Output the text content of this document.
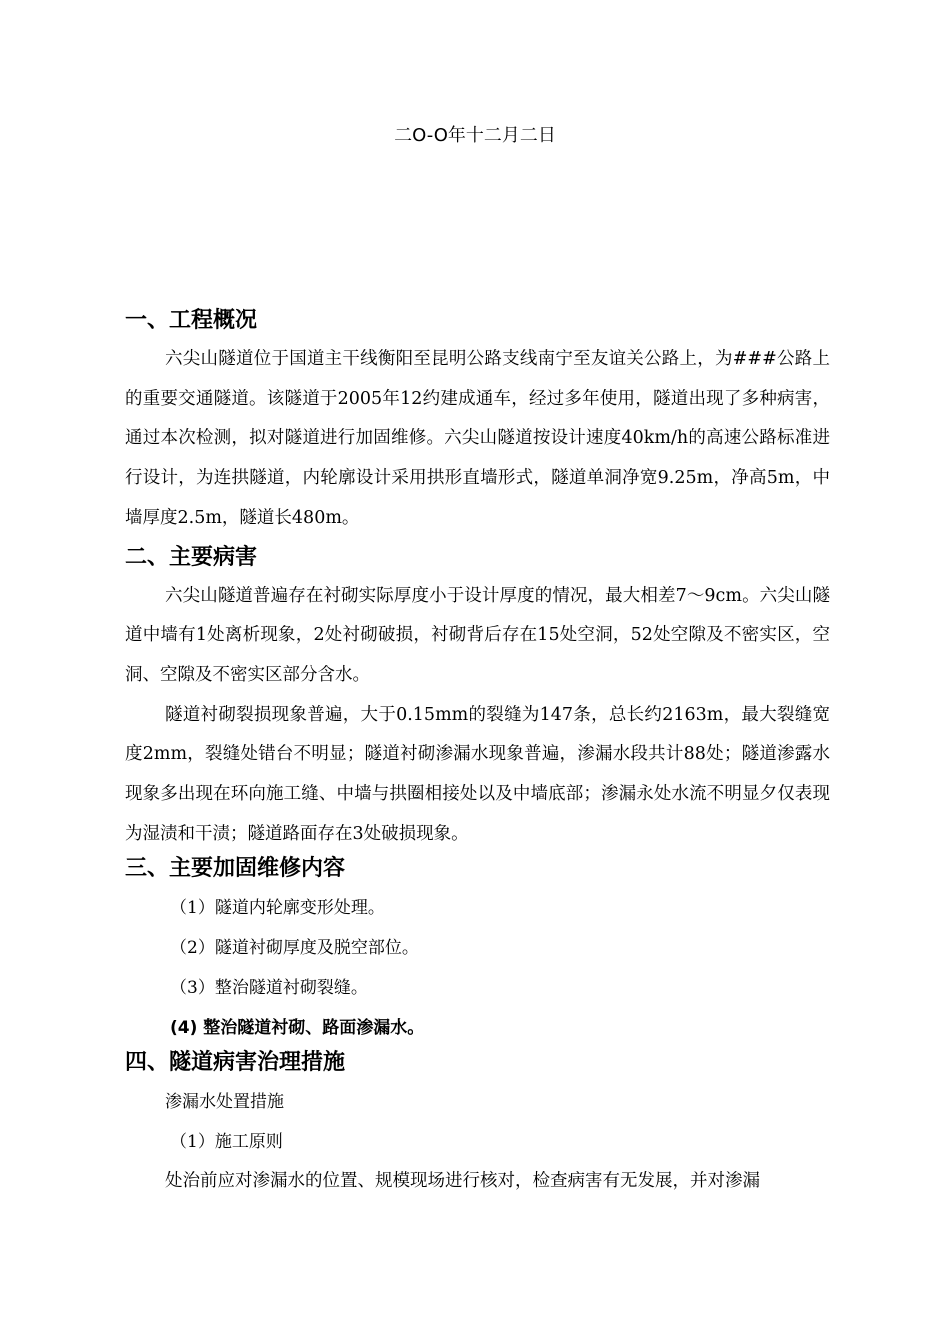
二O-O年十二月二日
一、工程概况

六尖山隧道位于国道主干线衡阳至昆明公路支线南宁至友谊关公路上，为###公路上的重要交通隧道。该隧道于2005年12约建成通车，经过多年使用，隧道出现了多种病害，通过本次检测，拟对隧道进行加固维修。六尖山隧道按设计速度40km/h的高速公路标准进行设计，为连拱隧道，内轮廓设计采用拱形直墙形式，隧道单洞净宽9.25m，净高5m，中墙厚度2.5m，隧道长480m。

二、主要病害

六尖山隧道普遍存在衬砌实际厚度小于设计厚度的情况，最大相差7～9cm。六尖山隧道中墙有1处离析现象，2处衬砌破损，衬砌背后存在15处空洞，52处空隙及不密实区，空洞、空隙及不密实区部分含水。

隧道衬砌裂损现象普遍，大于0.15mm的裂缝为147条，总长约2163m，最大裂缝宽度2mm，裂缝处错台不明显；隧道衬砌渗漏水现象普遍，渗漏水段共计88处；隧道渗露水现象多出现在环向施工缝、中墙与拱圈相接处以及中墙底部；渗漏永处水流不明显夕仅表现为湿渍和干渍；隧道路面存在3处破损现象。

三、主要加固维修内容

（1）隧道内轮廓变形处理。

（2）隧道衬砌厚度及脱空部位。

（3）整治隧道衬砌裂缝。

(4) 整治隧道衬砌、路面渗漏水。

四、隧道病害治理措施

渗漏水处置措施

（1）施工原则

处治前应对渗漏水的位置、规模现场进行核对，检查病害有无发展，并对渗漏
